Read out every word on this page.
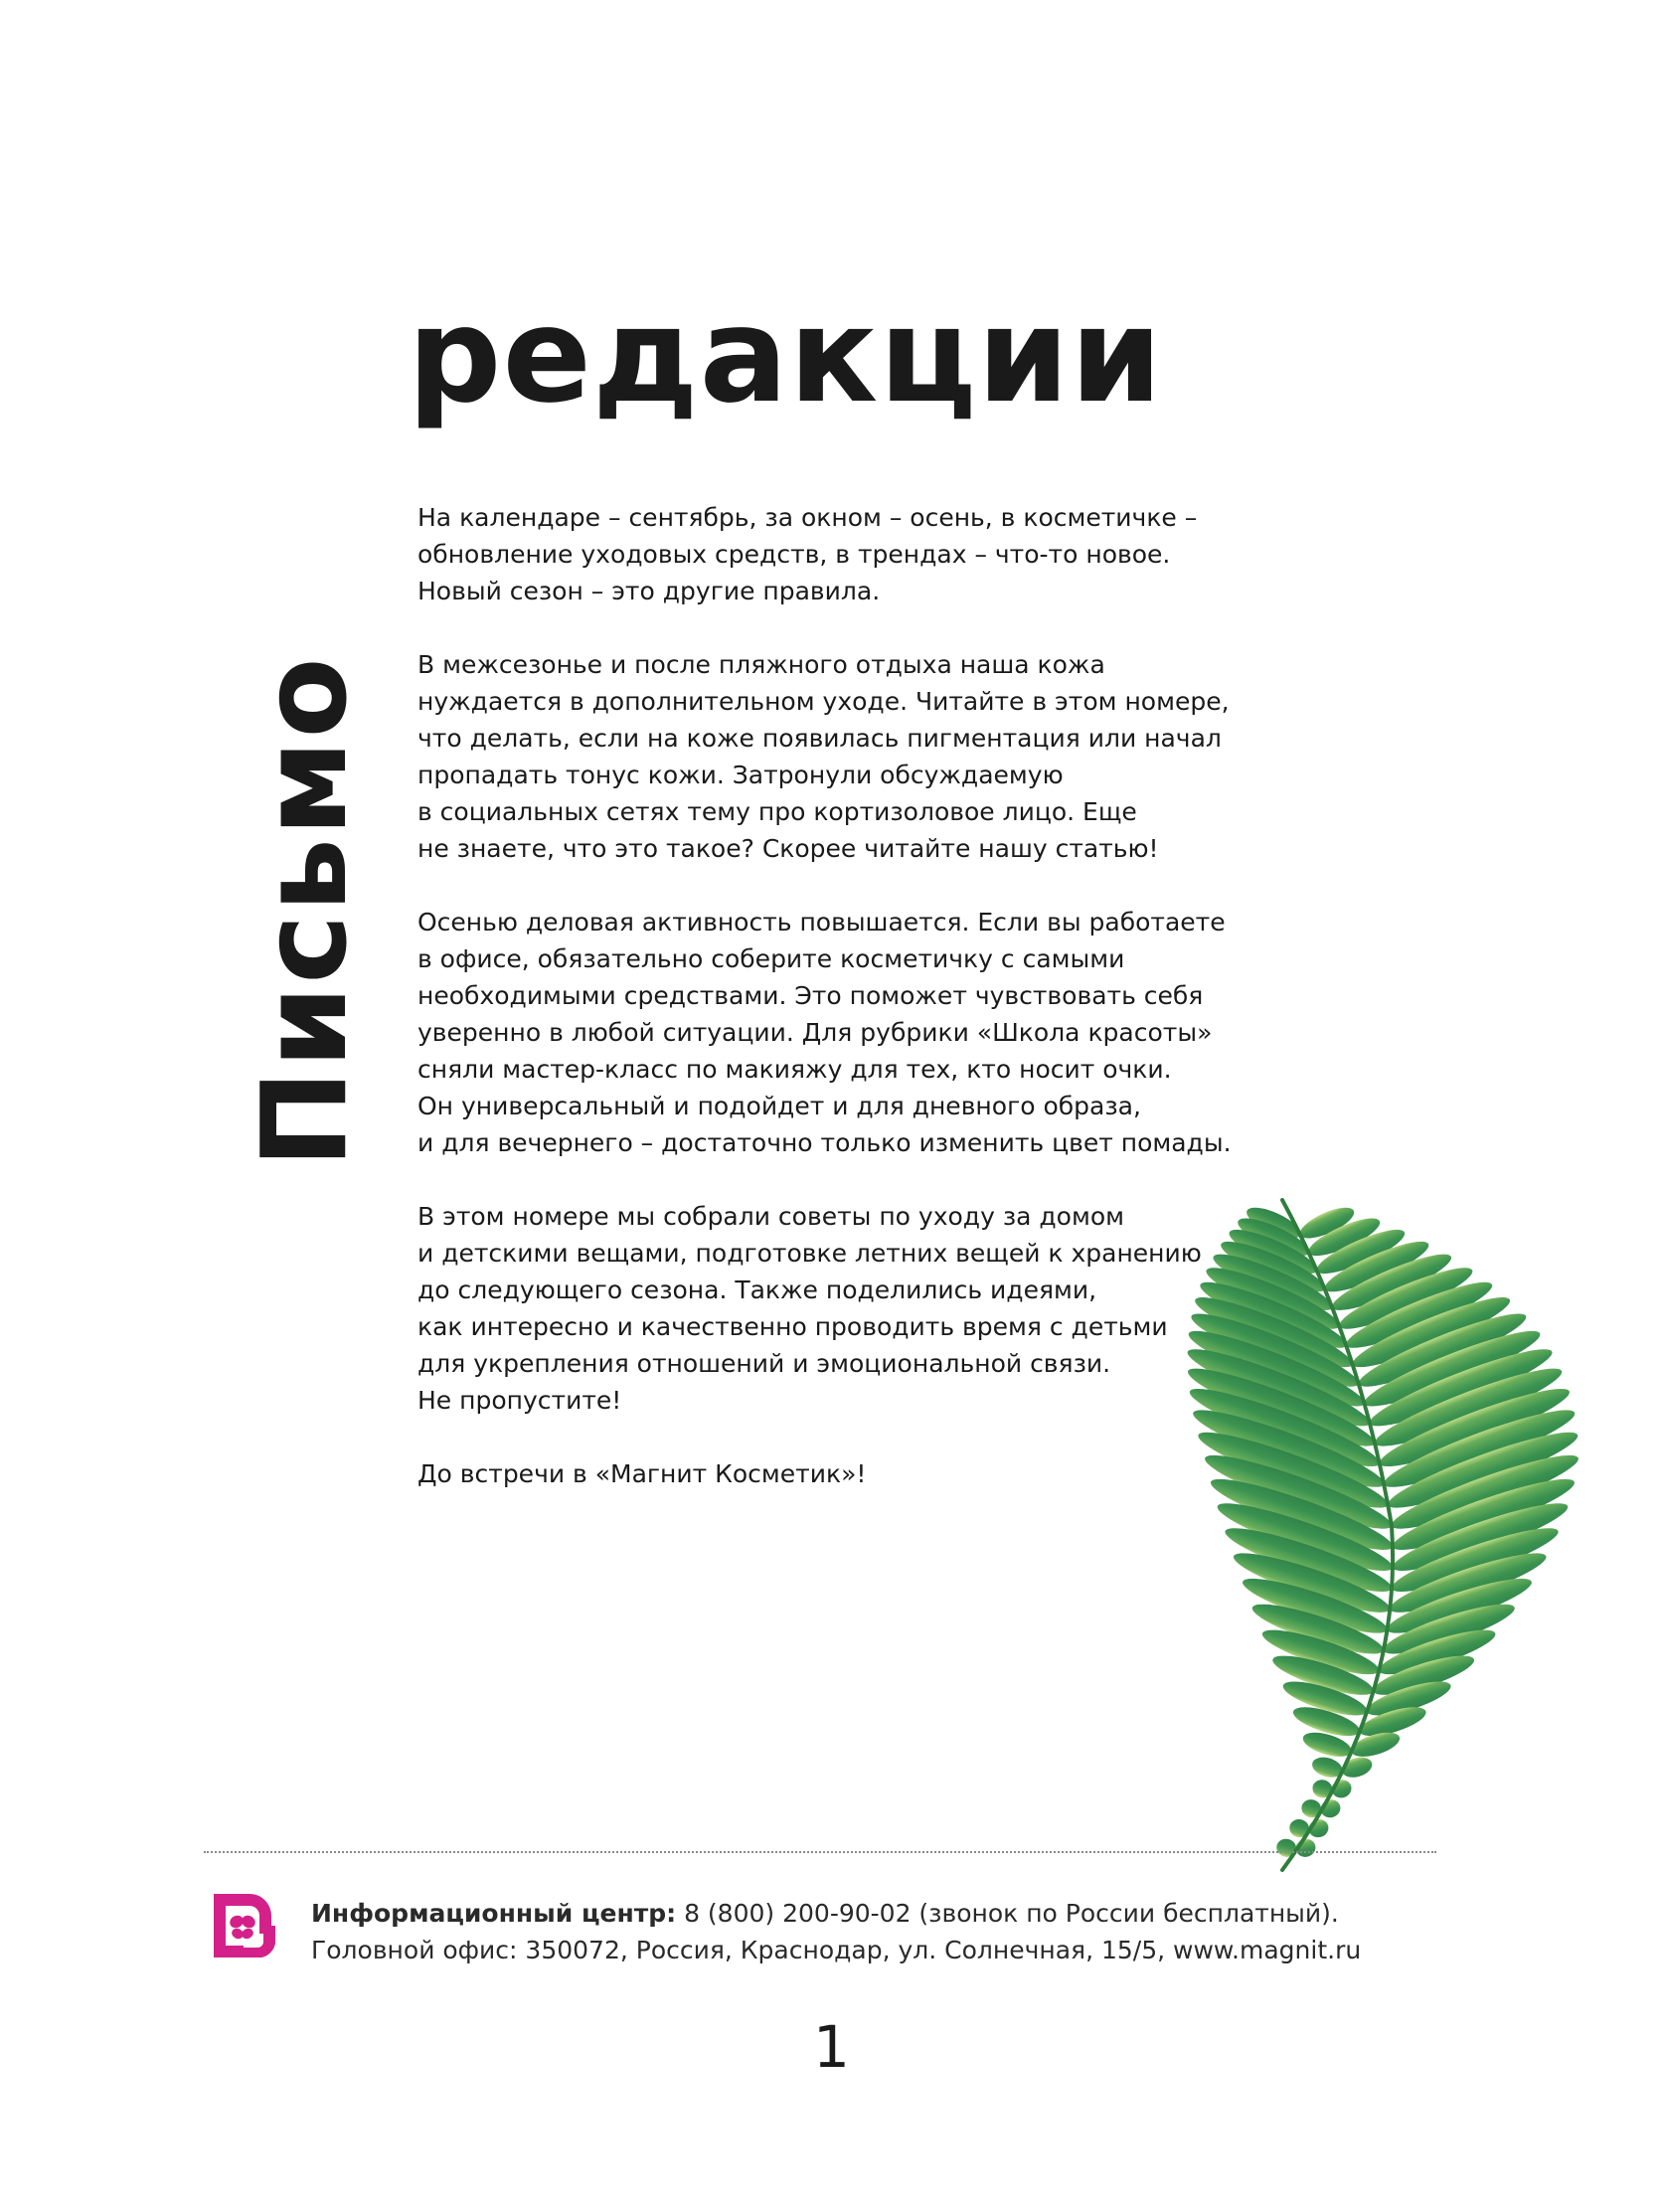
редакции
Письмо

На календаре – сентябрь, за окном – осень, в косметичке –
обновление уходовых средств, в трендах – что-то новое.
Новый сезон – это другие правила.

В межсезонье и после пляжного отдыха наша кожа
нуждается в дополнительном уходе. Читайте в этом номере,
что делать, если на коже появилась пигментация или начал
пропадать тонус кожи. Затронули обсуждаемую
в социальных сетях тему про кортизоловое лицо. Еще
не знаете, что это такое? Скорее читайте нашу статью!

Осенью деловая активность повышается. Если вы работаете
в офисе, обязательно соберите косметичку с самыми
необходимыми средствами. Это поможет чувствовать себя
уверенно в любой ситуации. Для рубрики «Школа красоты»
сняли мастер-класс по макияжу для тех, кто носит очки.
Он универсальный и подойдет и для дневного образа,
и для вечернего – достаточно только изменить цвет помады.

В этом номере мы собрали советы по уходу за домом
и детскими вещами, подготовке летних вещей к хранению
до следующего сезона. Также поделились идеями,
как интересно и качественно проводить время с детьми
для укрепления отношений и эмоциональной связи.
Не пропустите!

До встречи в «Магнит Косметик»!

Информационный центр: 8 (800) 200-90-02 (звонок по России бесплатный).
Головной офис: 350072, Россия, Краснодар, ул. Солнечная, 15/5, www.magnit.ru
1
